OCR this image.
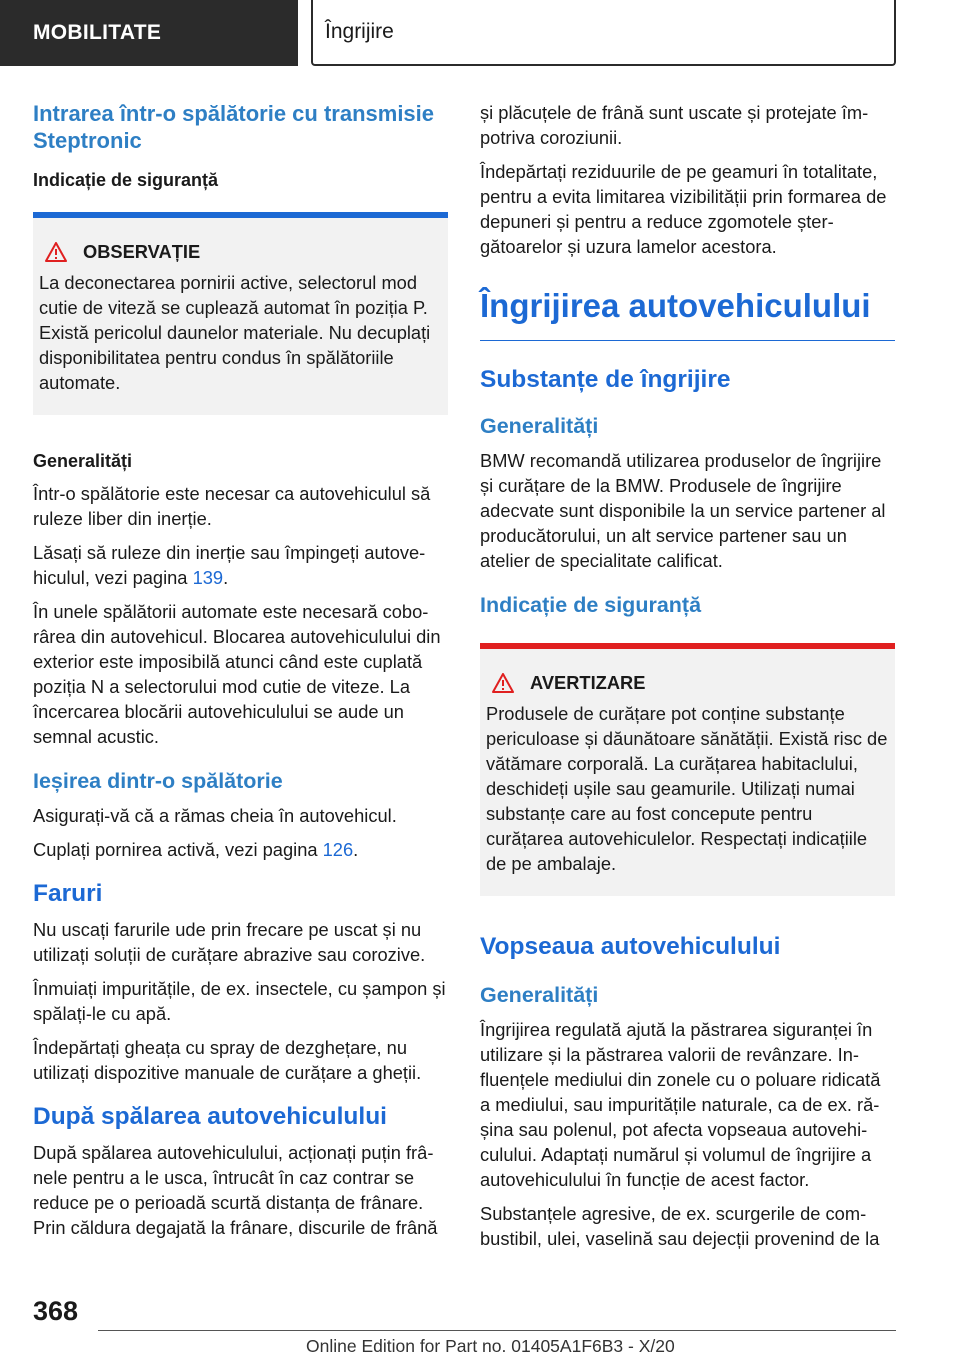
MOBILITATE	Îngrijire
Intrarea într-o spălătorie cu transmisie Steptronic
Indicație de siguranță
OBSERVAȚIE

La deconectarea pornirii active, selectorul mod cutie de viteză se cuplează automat în poziția P. Există pericolul daunelor materiale. Nu decuplați disponibilitatea pentru condus în spălătoriile automate.

Generalități

Într-o spălătorie este necesar ca autovehiculul să ruleze liber din inerție.

Lăsați să ruleze din inerție sau împingeți autovehiculul, vezi pagina 139.

În unele spălătorii automate este necesară coborârea din autovehicul. Blocarea autovehiculului din exterior este imposibilă atunci când este cuplată poziția N a selectorului mod cutie de viteze. La încercarea blocării autovehiculului se aude un semnal acustic.

Ieșirea dintr-o spălătorie

Asigurați-vă că a rămas cheia în autovehicul.

Cuplați pornirea activă, vezi pagina 126.

Faruri

Nu uscați farurile ude prin frecare pe uscat și nu utilizați soluții de curățare abrazive sau corozive.

Înmuiați impuritățile, de ex. insectele, cu șampon și spălați-le cu apă.

Îndepărtați gheața cu spray de dezghețare, nu utilizați dispozitive manuale de curățare a gheții.

După spălarea autovehiculului

După spălarea autovehiculului, acționați puțin frânele pentru a le usca, întrucât în caz contrar se reduce pe o perioadă scurtă distanța de frânare. Prin căldura degajată la frânare, discurile de frână

și plăcuțele de frână sunt uscate și protejate împotriva coroziunii.

Îndepărtați reziduurile de pe geamuri în totalitate, pentru a evita limitarea vizibilității prin formarea de depuneri și pentru a reduce zgomotele ștergătoarelor și uzura lamelor acestora.

Îngrijirea autovehiculului
Substanțe de îngrijire
Generalități

BMW recomandă utilizarea produselor de îngrijire și curățare de la BMW. Produsele de îngrijire adecvate sunt disponibile la un service partener al producătorului, un alt service partener sau un atelier de specialitate calificat.

Indicație de siguranță
AVERTIZARE

Produsele de curățare pot conține substanțe periculoase și dăunătoare sănătății. Există risc de vătămare corporală. La curățarea habitaclului, deschideți ușile sau geamurile. Utilizați numai substanțe care au fost concepute pentru curățarea autovehiculelor. Respectați indicațiile de pe ambalaje.

Vopseaua autovehiculului
Generalități

Îngrijirea regulată ajută la păstrarea siguranței în utilizare și la păstrarea valorii de revânzare. Influențele mediului din zonele cu o poluare ridicată a mediului, sau impuritățile naturale, ca de ex. rășina sau polenul, pot afecta vopseaua autovehiculului. Adaptați numărul și volumul de îngrijire a autovehiculului în funcție de acest factor.

Substanțele agresive, de ex. scurgerile de combustibil, ulei, vaselină sau dejecții provenind de la

368
Online Edition for Part no. 01405A1F6B3 - X/20
